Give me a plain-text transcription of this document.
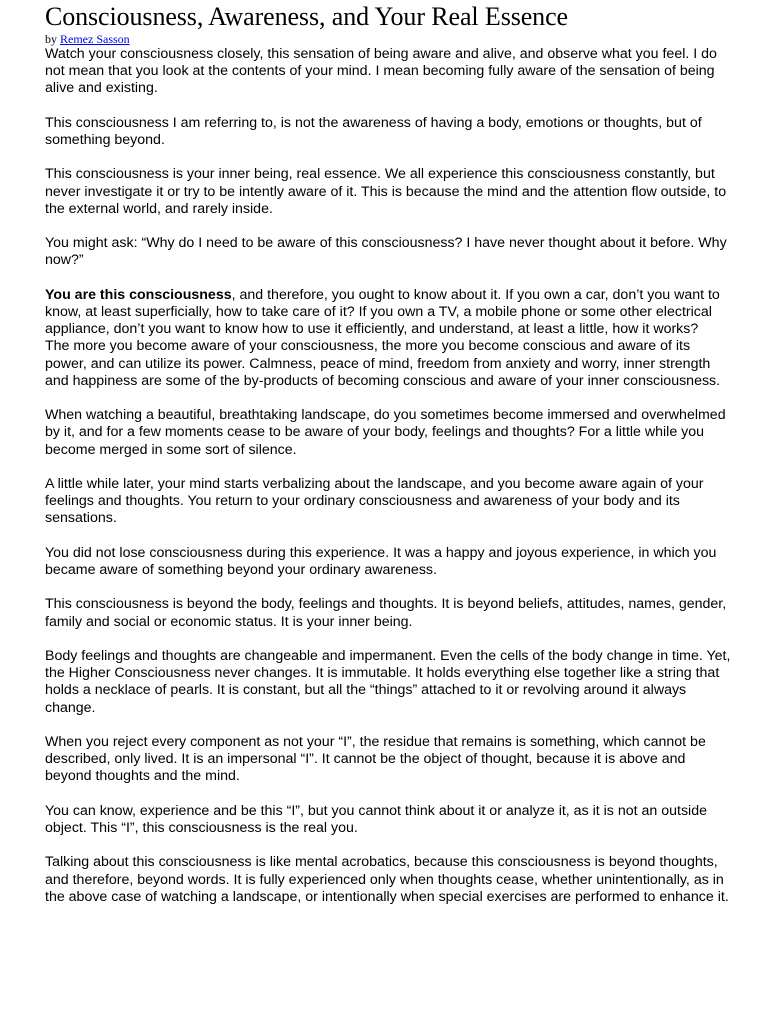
Consciousness, Awareness, and Your Real Essence
by Remez Sasson

Watch your consciousness closely, this sensation of being aware and alive, and observe what you feel. I do not mean that you look at the contents of your mind. I mean becoming fully aware of the sensation of being alive and existing.

This consciousness I am referring to, is not the awareness of having a body, emotions or thoughts, but of something beyond.

This consciousness is your inner being, real essence. We all experience this consciousness constantly, but never investigate it or try to be intently aware of it. This is because the mind and the attention flow outside, to the external world, and rarely inside.

You might ask: “Why do I need to be aware of this consciousness? I have never thought about it before. Why now?”

You are this consciousness, and therefore, you ought to know about it. If you own a car, don’t you want to know, at least superficially, how to take care of it? If you own a TV, a mobile phone or some other electrical appliance, don’t you want to know how to use it efficiently, and understand, at least a little, how it works?

The more you become aware of your consciousness, the more you become conscious and aware of its power, and can utilize its power. Calmness, peace of mind, freedom from anxiety and worry, inner strength and happiness are some of the by-products of becoming conscious and aware of your inner consciousness.

When watching a beautiful, breathtaking landscape, do you sometimes become immersed and overwhelmed by it, and for a few moments cease to be aware of your body, feelings and thoughts? For a little while you become merged in some sort of silence.

A little while later, your mind starts verbalizing about the landscape, and you become aware again of your feelings and thoughts. You return to your ordinary consciousness and awareness of your body and its sensations.

You did not lose consciousness during this experience. It was a happy and joyous experience, in which you became aware of something beyond your ordinary awareness.

This consciousness is beyond the body, feelings and thoughts. It is beyond beliefs, attitudes, names, gender, family and social or economic status. It is your inner being.

Body feelings and thoughts are changeable and impermanent. Even the cells of the body change in time. Yet, the Higher Consciousness never changes. It is immutable. It holds everything else together like a string that holds a necklace of pearls. It is constant, but all the “things” attached to it or revolving around it always change.

When you reject every component as not your “I”, the residue that remains is something, which cannot be described, only lived. It is an impersonal “I”. It cannot be the object of thought, because it is above and beyond thoughts and the mind.

You can know, experience and be this “I”, but you cannot think about it or analyze it, as it is not an outside object. This “I”, this consciousness is the real you.

Talking about this consciousness is like mental acrobatics, because this consciousness is beyond thoughts, and therefore, beyond words. It is fully experienced only when thoughts cease, whether unintentionally, as in the above case of watching a landscape, or intentionally when special exercises are performed to enhance it.
